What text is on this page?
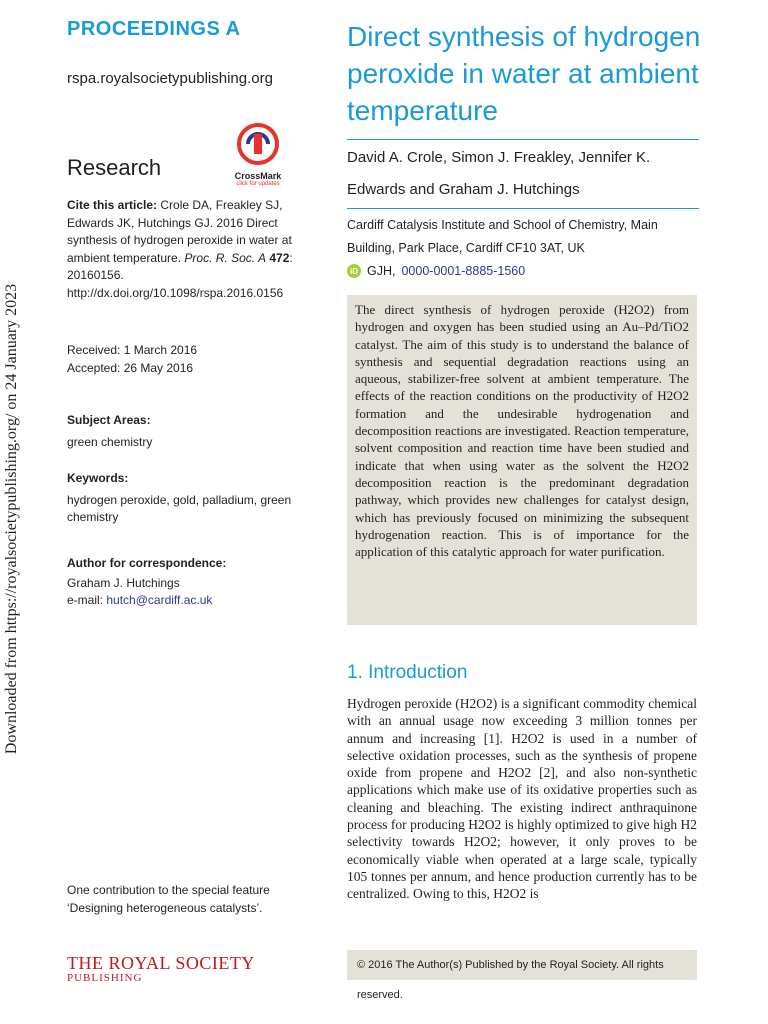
Downloaded from https://royalsocietypublishing.org/ on 24 January 2023
PROCEEDINGS A
rspa.royalsocietypublishing.org
Research	CrossMark
click for updates
Cite this article: Crole DA, Freakley SJ, Edwards JK, Hutchings GJ. 2016 Direct synthesis of hydrogen peroxide in water at ambient temperature. Proc. R. Soc. A 472: 20160156.
http://dx.doi.org/10.1098/rspa.2016.0156
Received: 1 March 2016
Accepted: 26 May 2016
Subject Areas:
green chemistry
Keywords:
hydrogen peroxide, gold, palladium, green chemistry
Author for correspondence:
Graham J. Hutchings
e-mail: hutch@cardiff.ac.uk
Direct synthesis of hydrogen peroxide in water at ambient temperature
David A. Crole, Simon J. Freakley, Jennifer K. Edwards and Graham J. Hutchings
Cardiff Catalysis Institute and School of Chemistry, Main Building, Park Place, Cardiff CF10 3AT, UK
iD GJH, 0000-0001-8885-1560
The direct synthesis of hydrogen peroxide (H2O2) from hydrogen and oxygen has been studied using an Au–Pd/TiO2 catalyst. The aim of this study is to understand the balance of synthesis and sequential degradation reactions using an aqueous, stabilizer-free solvent at ambient temperature. The effects of the reaction conditions on the productivity of H2O2 formation and the undesirable hydrogenation and decomposition reactions are investigated. Reaction temperature, solvent composition and reaction time have been studied and indicate that when using water as the solvent the H2O2 decomposition reaction is the predominant degradation pathway, which provides new challenges for catalyst design, which has previously focused on minimizing the subsequent hydrogenation reaction. This is of importance for the application of this catalytic approach for water purification.
1. Introduction
Hydrogen peroxide (H2O2) is a significant commodity chemical with an annual usage now exceeding 3 million tonnes per annum and increasing [1]. H2O2 is used in a number of selective oxidation processes, such as the synthesis of propene oxide from propene and H2O2 [2], and also non-synthetic applications which make use of its oxidative properties such as cleaning and bleaching. The existing indirect anthraquinone process for producing H2O2 is highly optimized to give high H2 selectivity towards H2O2; however, it only proves to be economically viable when operated at a large scale, typically 105 tonnes per annum, and hence production currently has to be centralized. Owing to this, H2O2 is
One contribution to the special feature ‘Designing heterogeneous catalysts’.
THE ROYAL SOCIETY
PUBLISHING
© 2016 The Author(s) Published by the Royal Society. All rights reserved.
